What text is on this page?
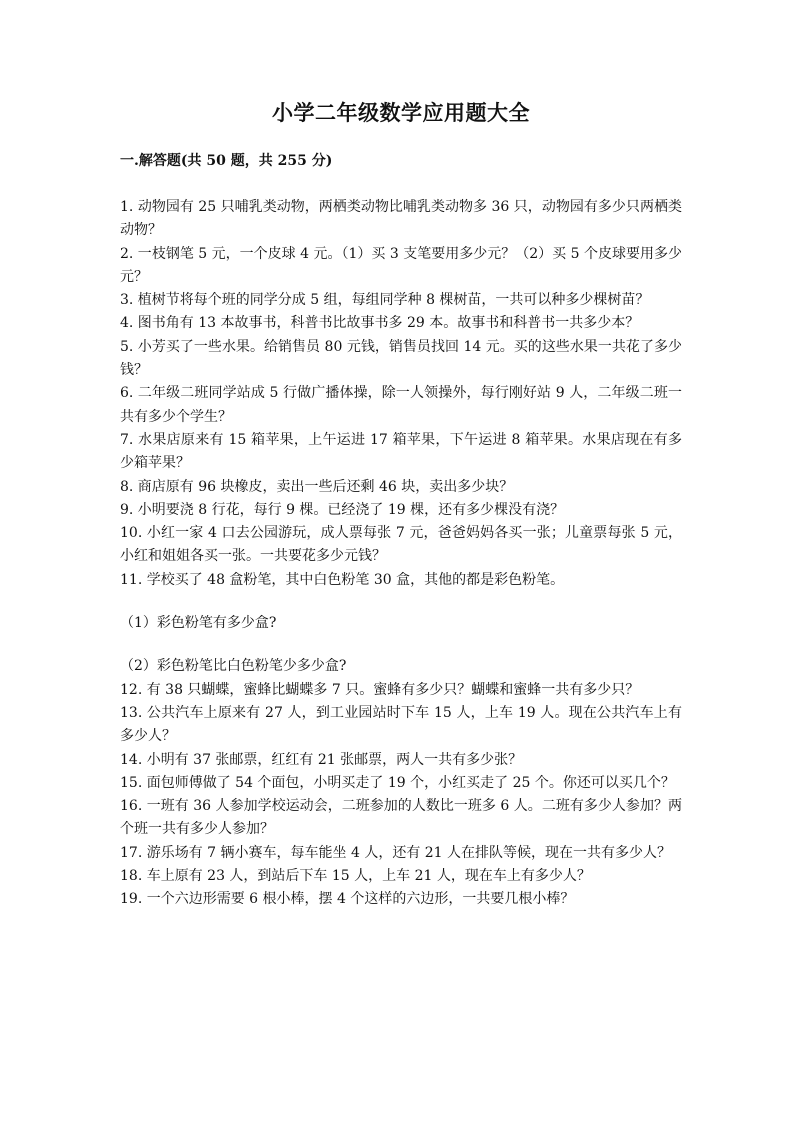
小学二年级数学应用题大全
一.解答题(共 50 题，共 255 分)

1. 动物园有 25 只哺乳类动物，两栖类动物比哺乳类动物多 36 只，动物园有多少只两栖类动物？

2. 一枝钢笔 5 元，一个皮球 4 元。（1）买 3 支笔要用多少元？（2）买 5 个皮球要用多少元？

3. 植树节将每个班的同学分成 5 组，每组同学种 8 棵树苗，一共可以种多少棵树苗？

4. 图书角有 13 本故事书，科普书比故事书多 29 本。故事书和科普书一共多少本？

5. 小芳买了一些水果。给销售员 80 元钱，销售员找回 14 元。买的这些水果一共花了多少钱？

6. 二年级二班同学站成 5 行做广播体操，除一人领操外，每行刚好站 9 人，二年级二班一共有多少个学生？

7. 水果店原来有 15 箱苹果，上午运进 17 箱苹果，下午运进 8 箱苹果。水果店现在有多少箱苹果？

8. 商店原有 96 块橡皮，卖出一些后还剩 46 块，卖出多少块？

9. 小明要浇 8 行花，每行 9 棵。已经浇了 19 棵，还有多少棵没有浇？

10. 小红一家 4 口去公园游玩，成人票每张 7 元，爸爸妈妈各买一张；儿童票每张 5 元，小红和姐姐各买一张。一共要花多少元钱？

11. 学校买了 48 盒粉笔，其中白色粉笔 30 盒，其他的都是彩色粉笔。

（1）彩色粉笔有多少盒?

（2）彩色粉笔比白色粉笔少多少盒?

12. 有 38 只蝴蝶，蜜蜂比蝴蝶多 7 只。蜜蜂有多少只？蝴蝶和蜜蜂一共有多少只？

13. 公共汽车上原来有 27 人，到工业园站时下车 15 人，上车 19 人。现在公共汽车上有多少人？

14. 小明有 37 张邮票，红红有 21 张邮票，两人一共有多少张？

15. 面包师傅做了 54 个面包，小明买走了 19 个，小红买走了 25 个。你还可以买几个？

16. 一班有 36 人参加学校运动会，二班参加的人数比一班多 6 人。二班有多少人参加？两个班一共有多少人参加？

17. 游乐场有 7 辆小赛车，每车能坐 4 人，还有 21 人在排队等候，现在一共有多少人？

18. 车上原有 23 人，到站后下车 15 人，上车 21 人，现在车上有多少人？

19. 一个六边形需要 6 根小棒，摆 4 个这样的六边形，一共要几根小棒？
